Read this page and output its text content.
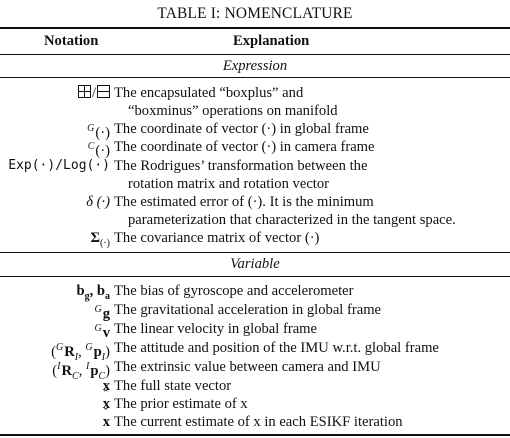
TABLE I: NOMENCLATURE
Notation	Explanation
Expression
/	The encapsulated “boxplus” and
“boxminus” operations on manifold
$^G$(·) The coordinate of vector (·) in global frame
$^C$(·) The coordinate of vector (·) in camera frame
Exp(·)/Log(·) The Rodrigues’ transformation between the
rotation matrix and rotation vector
δ (·) The estimated error of (·). It is the minimum
parameterization that characterized in the tangent space.
$\Sigma_{(\cdot)}$ The covariance matrix of vector (·)
Variable
$b_g$, $b_a$ The bias of gyroscope and accelerometer
$^G$g The gravitational acceleration in global frame
$^G$v The linear velocity in global frame
($^GR_I$, $^Gp_I$) The attitude and position of the IMU w.r.t. global frame
($^IR_C$, $^Ip_C$) The extrinsic value between camera and IMU
x The full state vector
ˆ x The prior estimate of x
ˇ x The current estimate of x in each ESIKF iteration
